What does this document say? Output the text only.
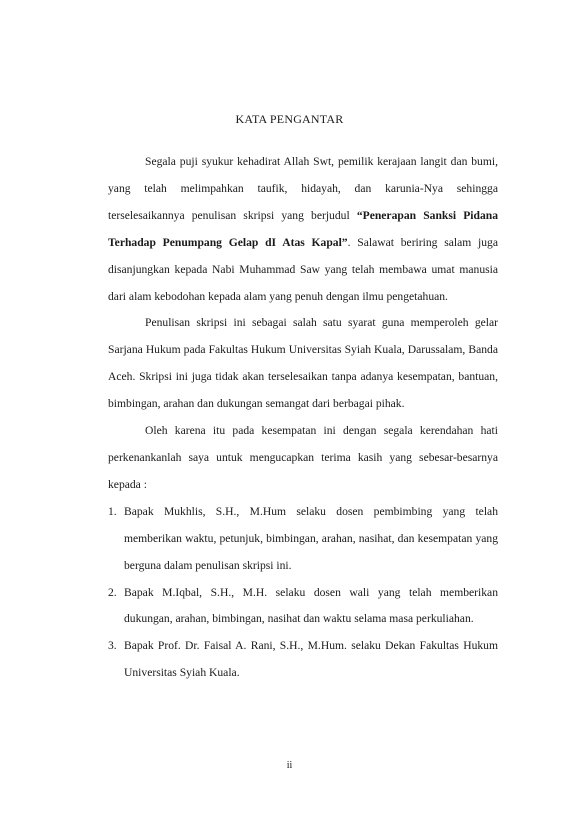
KATA PENGANTAR

Segala puji syukur kehadirat Allah Swt, pemilik kerajaan langit dan bumi, yang telah melimpahkan taufik, hidayah, dan karunia-Nya sehingga terselesaikannya penulisan skripsi yang berjudul “Penerapan Sanksi Pidana Terhadap Penumpang Gelap dI Atas Kapal”. Salawat beriring salam juga disanjungkan kepada Nabi Muhammad Saw yang telah membawa umat manusia dari alam kebodohan kepada alam yang penuh dengan ilmu pengetahuan.

Penulisan skripsi ini sebagai salah satu syarat guna memperoleh gelar Sarjana Hukum pada Fakultas Hukum Universitas Syiah Kuala, Darussalam, Banda Aceh. Skripsi ini juga tidak akan terselesaikan tanpa adanya kesempatan, bantuan, bimbingan, arahan dan dukungan semangat dari berbagai pihak.

Oleh karena itu pada kesempatan ini dengan segala kerendahan hati perkenankanlah saya untuk mengucapkan terima kasih yang sebesar-besarnya kepada :

1. Bapak Mukhlis, S.H., M.Hum selaku dosen pembimbing yang telah memberikan waktu, petunjuk, bimbingan, arahan, nasihat, dan kesempatan yang berguna dalam penulisan skripsi ini.
2. Bapak M.Iqbal, S.H., M.H. selaku dosen wali yang telah memberikan dukungan, arahan, bimbingan, nasihat dan waktu selama masa perkuliahan.
3. Bapak Prof. Dr. Faisal A. Rani, S.H., M.Hum. selaku Dekan Fakultas Hukum Universitas Syiah Kuala.
ii
